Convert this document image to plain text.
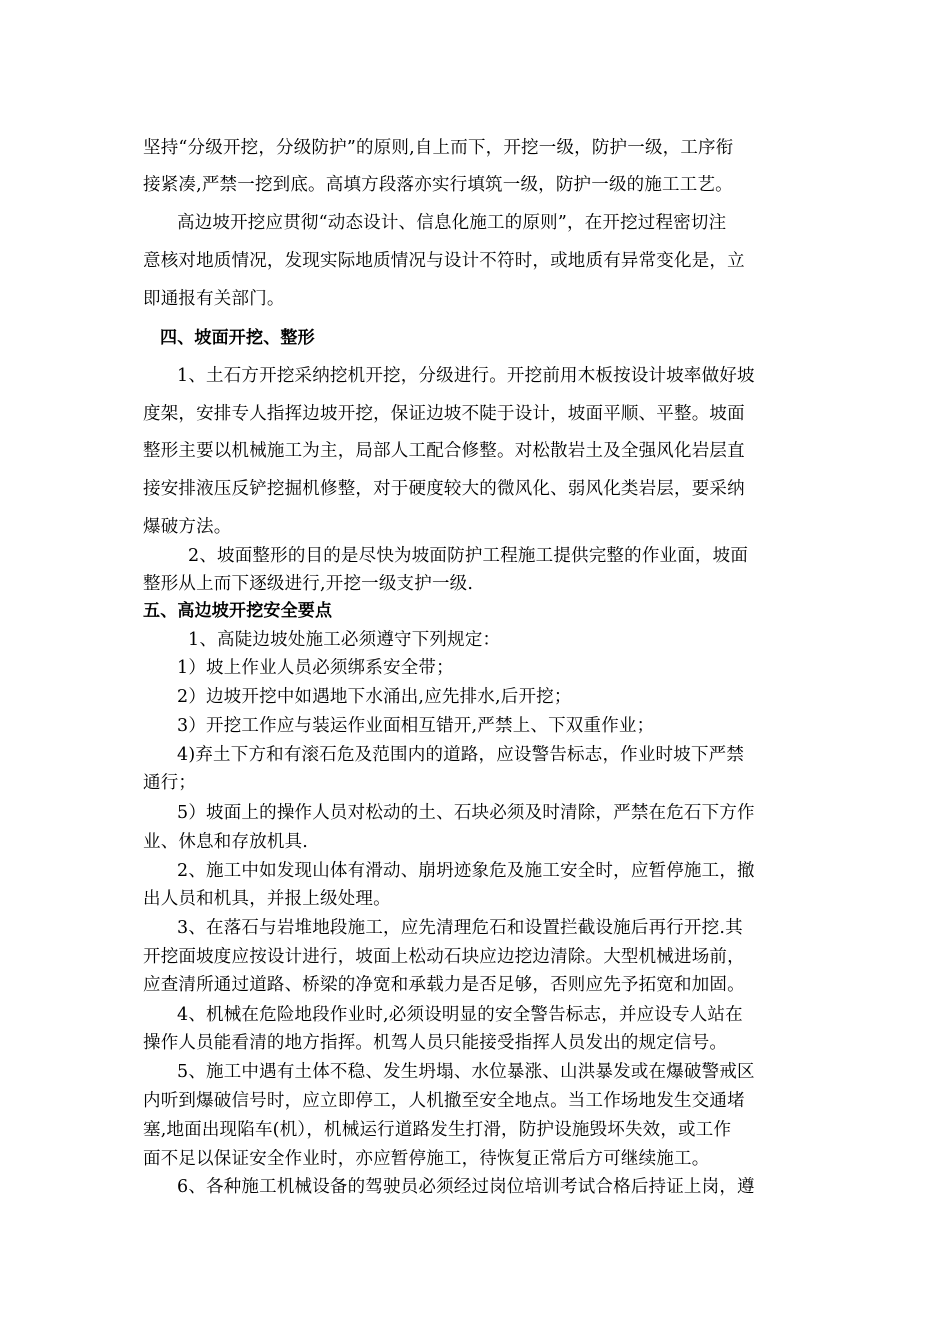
坚持“分级开挖，分级防护”的原则,自上而下，开挖一级，防护一级，工序衔
接紧凑,严禁一挖到底。高填方段落亦实行填筑一级，防护一级的施工工艺。
高边坡开挖应贯彻“动态设计、信息化施工的原则”，在开挖过程密切注
意核对地质情况，发现实际地质情况与设计不符时，或地质有异常变化是，立
即通报有关部门。
四、坡面开挖、整形
1、土石方开挖采纳挖机开挖，分级进行。开挖前用木板按设计坡率做好坡
度架，安排专人指挥边坡开挖，保证边坡不陡于设计，坡面平顺、平整。坡面
整形主要以机械施工为主，局部人工配合修整。对松散岩土及全强风化岩层直
接安排液压反铲挖掘机修整，对于硬度较大的微风化、弱风化类岩层，要采纳
爆破方法。
2、坡面整形的目的是尽快为坡面防护工程施工提供完整的作业面，坡面
整形从上而下逐级进行,开挖一级支护一级.
五、高边坡开挖安全要点
1、高陡边坡处施工必须遵守下列规定：
1）坡上作业人员必须绑系安全带；
2）边坡开挖中如遇地下水涌出,应先排水,后开挖；
3）开挖工作应与装运作业面相互错开,严禁上、下双重作业；
4)弃土下方和有滚石危及范围内的道路，应设警告标志，作业时坡下严禁
通行；
5）坡面上的操作人员对松动的土、石块必须及时清除，严禁在危石下方作
业、休息和存放机具.
2、施工中如发现山体有滑动、崩坍迹象危及施工安全时，应暂停施工，撤
出人员和机具，并报上级处理。
3、在落石与岩堆地段施工，应先清理危石和设置拦截设施后再行开挖.其
开挖面坡度应按设计进行，坡面上松动石块应边挖边清除。大型机械进场前，
应查清所通过道路、桥梁的净宽和承载力是否足够，否则应先予拓宽和加固。
4、机械在危险地段作业时,必须设明显的安全警告标志，并应设专人站在
操作人员能看清的地方指挥。机驾人员只能接受指挥人员发出的规定信号。
5、施工中遇有土体不稳、发生坍塌、水位暴涨、山洪暴发或在爆破警戒区
内听到爆破信号时，应立即停工，人机撤至安全地点。当工作场地发生交通堵
塞,地面出现陷车(机），机械运行道路发生打滑，防护设施毁坏失效，或工作
面不足以保证安全作业时，亦应暂停施工，待恢复正常后方可继续施工。
6、各种施工机械设备的驾驶员必须经过岗位培训考试合格后持证上岗，遵
